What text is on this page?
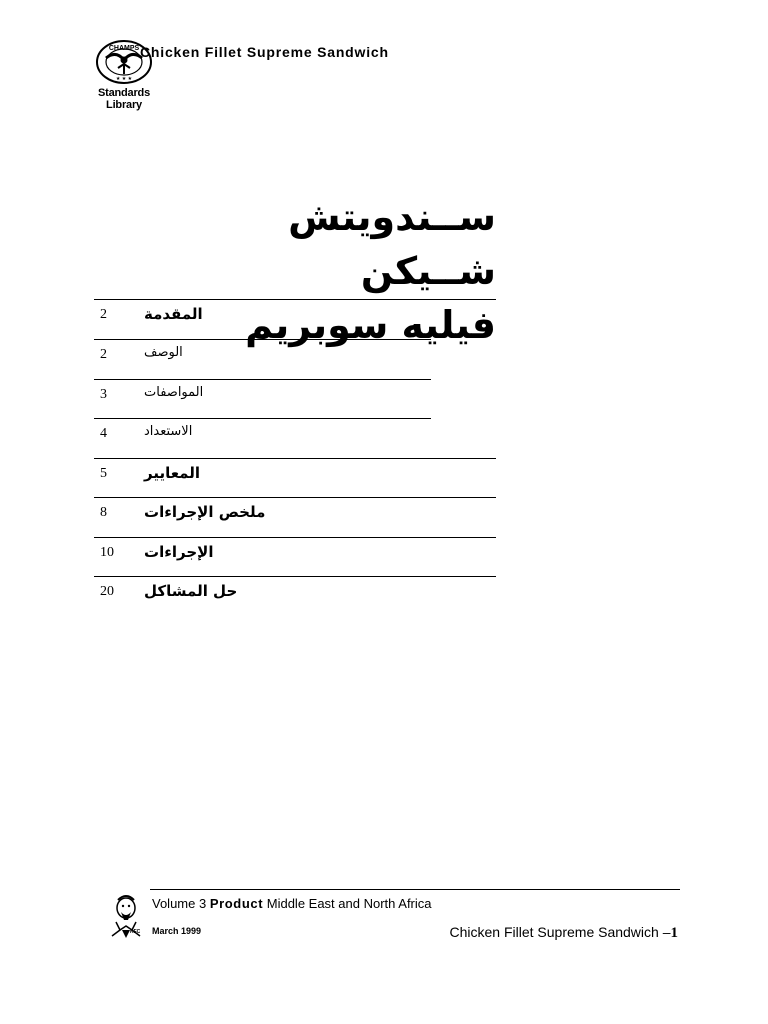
CHAMPS
★ ★ ★
Standards
Library
Chicken Fillet Supreme Sandwich
ســندويتش شــيكن
فيليه سوبريم
2 المقدمة
2	الوصف
3	المواصفات
4	الاستعداد
5 المعايير
8 ملخص الإجراءات
10 الإجراءات
20 حل المشاكل
KFC
Volume 3 Product Middle East and North Africa
March 1999	Chicken Fillet Supreme Sandwich –1
